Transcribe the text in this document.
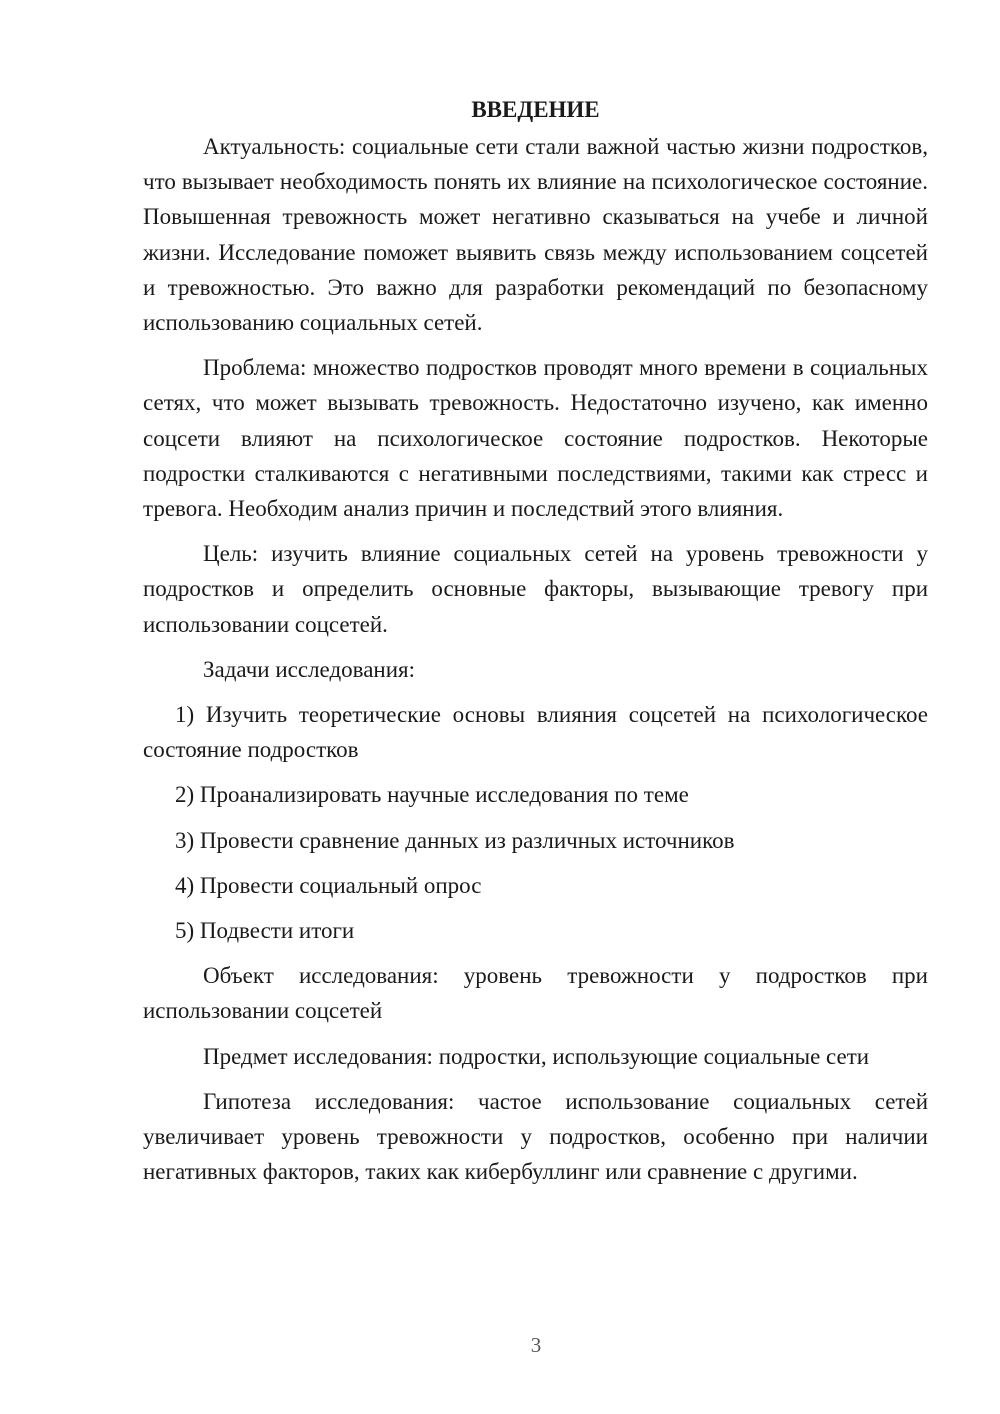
ВВЕДЕНИЕ

Актуальность: социальные сети стали важной частью жизни подростков, что вызывает необходимость понять их влияние на психологическое состояние. Повышенная тревожность может негативно сказываться на учебе и личной жизни. Исследование поможет выявить связь между использованием соцсетей и тревожностью. Это важно для разработки рекомендаций по безопасному использованию социальных сетей.

Проблема: множество подростков проводят много времени в социальных сетях, что может вызывать тревожность. Недостаточно изучено, как именно соцсети влияют на психологическое состояние подростков. Некоторые подростки сталкиваются с негативными последствиями, такими как стресс и тревога. Необходим анализ причин и последствий этого влияния.

Цель: изучить влияние социальных сетей на уровень тревожности у подростков и определить основные факторы, вызывающие тревогу при использовании соцсетей.

Задачи исследования:

1) Изучить теоретические основы влияния соцсетей на психологическое состояние подростков

2) Проанализировать научные исследования по теме

3) Провести сравнение данных из различных источников

4) Провести социальный опрос

5) Подвести итоги

Объект исследования: уровень тревожности у подростков при использовании соцсетей

Предмет исследования: подростки, использующие социальные сети

Гипотеза исследования: частое использование социальных сетей увеличивает уровень тревожности у подростков, особенно при наличии негативных факторов, таких как кибербуллинг или сравнение с другими.

3
